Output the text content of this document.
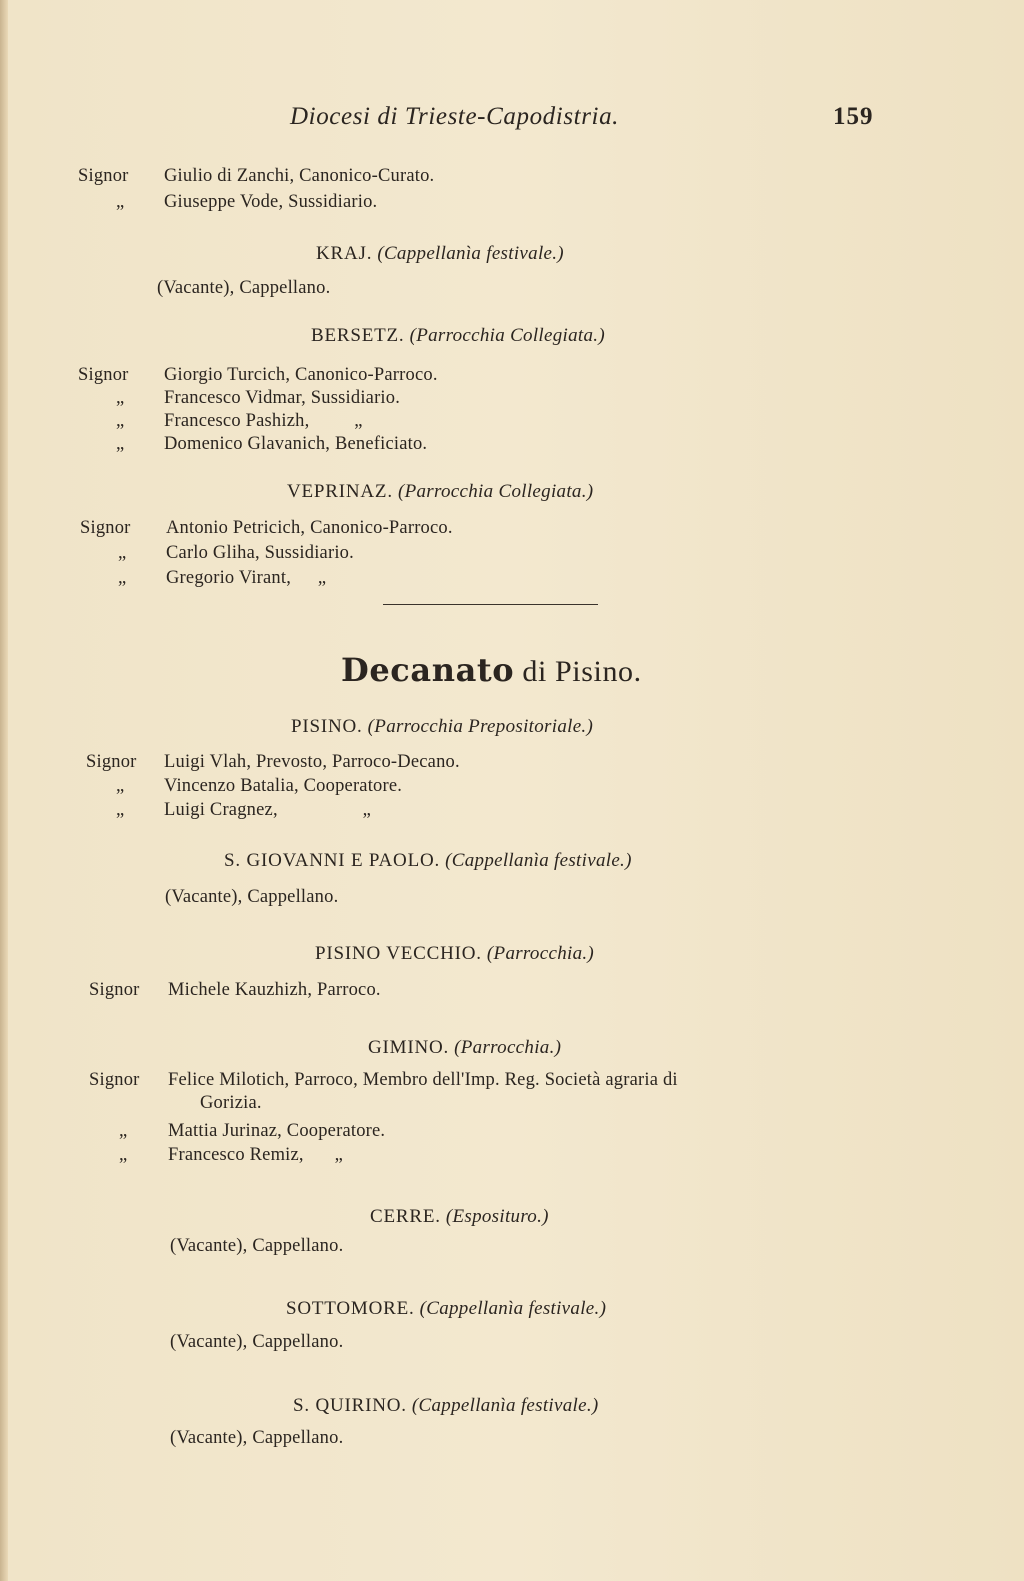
Diocesi di Trieste-Capodistria.	159
Signor Giulio di Zanchi, Canonico-Curato.
„ Giuseppe Vode, Sussidiario.
KRAJ. (Cappellanìa festivale.)
(Vacante), Cappellano.
BERSETZ. (Parrocchia Collegiata.)
Signor Giorgio Turcich, Canonico-Parroco.
„ Francesco Vidmar, Sussidiario.
„ Francesco Pashizh, „
„ Domenico Glavanich, Beneficiato.
VEPRINAZ. (Parrocchia Collegiata.)
Signor Antonio Petricich, Canonico-Parroco.
„ Carlo Gliha, Sussidiario.
„ Gregorio Virant, „
Decanato di Pisino.
PISINO. (Parrocchia Prepositoriale.)
Signor Luigi Vlah, Prevosto, Parroco-Decano.
„ Vincenzo Batalia, Cooperatore.
„ Luigi Cragnez,	„
S. GIOVANNI E PAOLO. (Cappellanìa festivale.)
(Vacante), Cappellano.
PISINO VECCHIO. (Parrocchia.)
Signor Michele Kauzhizh, Parroco.
GIMINO. (Parrocchia.)
Signor Felice Milotich, Parroco, Membro dell'Imp. Reg. Società agraria di
Gorizia.
„ Mattia Jurinaz, Cooperatore.
„ Francesco Remiz, „
CERRE. (Esposituro.)
(Vacante), Cappellano.
SOTTOMORE. (Cappellanìa festivale.)
(Vacante), Cappellano.
S. QUIRINO. (Cappellanìa festivale.)
(Vacante), Cappellano.
